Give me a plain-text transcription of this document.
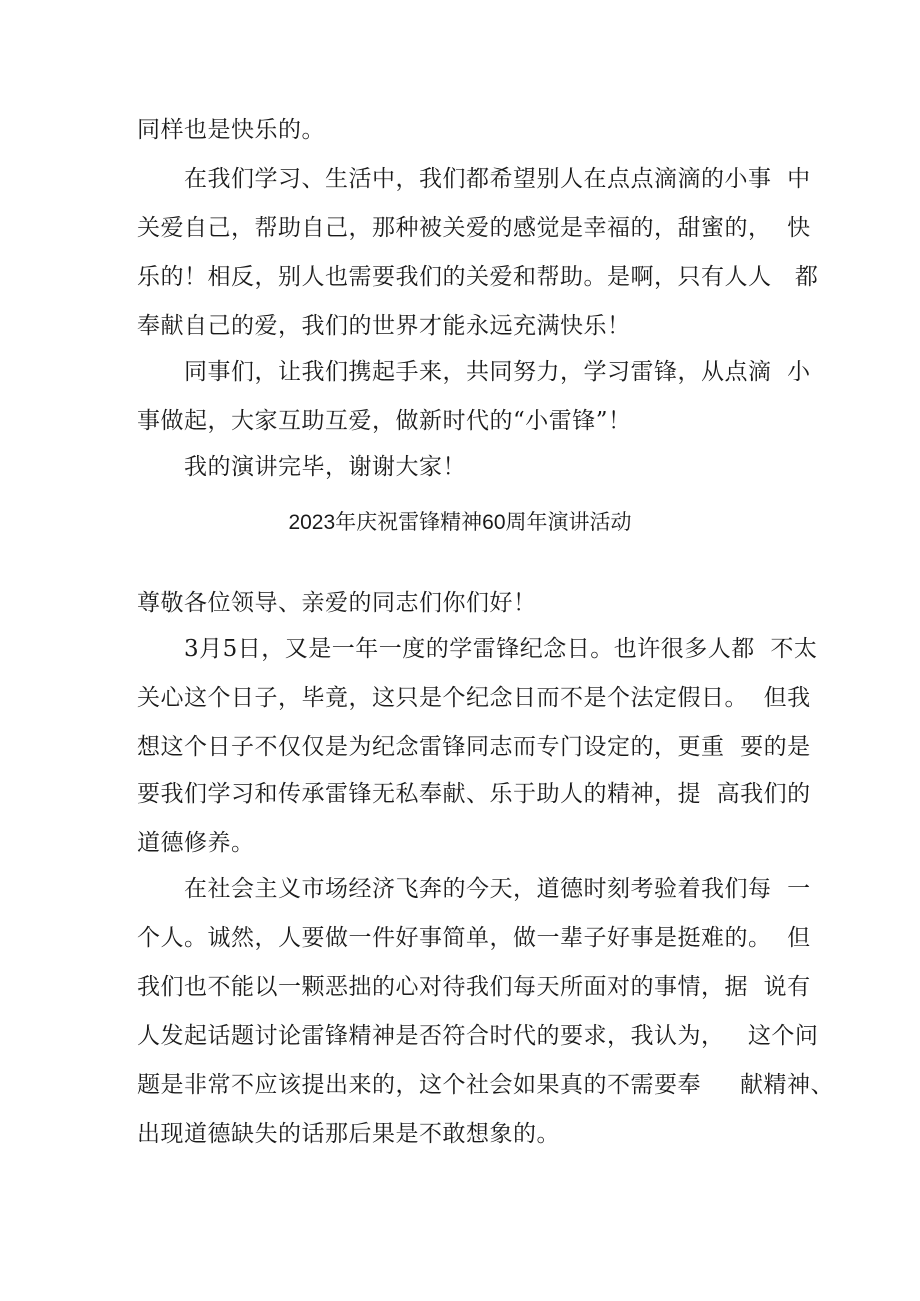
同样也是快乐的。
在我们学习、生活中，我们都希望别人在点点滴滴的小事  中
关爱自己，帮助自己，那种被关爱的感觉是幸福的，甜蜜的，  快
乐的！相反，别人也需要我们的关爱和帮助。是啊，只有人人   都
奉献自己的爱，我们的世界才能永远充满快乐！
同事们，让我们携起手来，共同努力，学习雷锋，从点滴  小
事做起，大家互助互爱，做新时代的“小雷锋”！
我的演讲完毕，谢谢大家！
2023年庆祝雷锋精神60周年演讲活动
尊敬各位领导、亲爱的同志们你们好！
3月5日，又是一年一度的学雷锋纪念日。也许很多人都  不太
关心这个日子，毕竟，这只是个纪念日而不是个法定假日。  但我
想这个日子不仅仅是为纪念雷锋同志而专门设定的，更重  要的是
要我们学习和传承雷锋无私奉献、乐于助人的精神，提  高我们的
道德修养。
在社会主义市场经济飞奔的今天，道德时刻考验着我们每  一
个人。诚然，人要做一件好事简单，做一辈子好事是挺难的。  但
我们也不能以一颗恶拙的心对待我们每天所面对的事情，据  说有
人发起话题讨论雷锋精神是否符合时代的要求，我认为，   这个问
题是非常不应该提出来的，这个社会如果真的不需要奉     献精神、
出现道德缺失的话那后果是不敢想象的。
